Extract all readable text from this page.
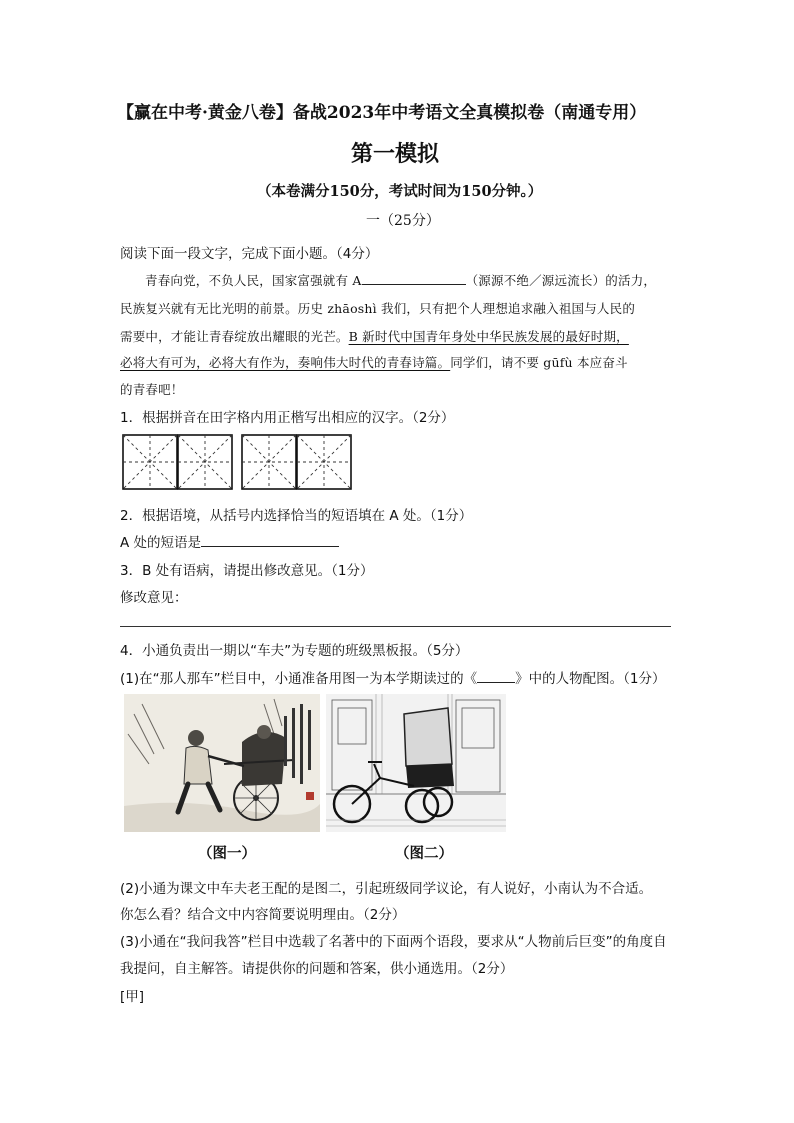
【赢在中考·黄金八卷】备战2023年中考语文全真模拟卷（南通专用）
第一模拟
（本卷满分150分，考试时间为150分钟。）
一（25分）
阅读下面一段文字，完成下面小题。（4分）
青春向党，不负人民，国家富强就有 A	（源源不绝／源远流长）的活力，
民族复兴就有无比光明的前景。历史 zhāoshì 我们，只有把个人理想追求融入祖国与人民的
需要中，才能让青春绽放出耀眼的光芒。B 新时代中国青年身处中华民族发展的最好时期，
必将大有可为，必将大有作为，奏响伟大时代的青春诗篇。同学们，请不要 gūfù 本应奋斗
的青春吧！
1．根据拼音在田字格内用正楷写出相应的汉字。（2分）
2．根据语境，从括号内选择恰当的短语填在 A 处。（1分）
A 处的短语是
3．B 处有语病，请提出修改意见。（1分）
修改意见：
4．小通负责出一期以“车夫”为专题的班级黑板报。（5分）
(1)在“那人那车”栏目中，小通准备用图一为本学期读过的《	》中的人物配图。（1分）
（图一）	（图二）
(2)小通为课文中车夫老王配的是图二，引起班级同学议论，有人说好，小南认为不合适。
你怎么看？结合文中内容简要说明理由。（2分）
(3)小通在“我问我答”栏目中选载了名著中的下面两个语段，要求从“人物前后巨变”的角度自
我提问，自主解答。请提供你的问题和答案，供小通选用。（2分）
[甲]
